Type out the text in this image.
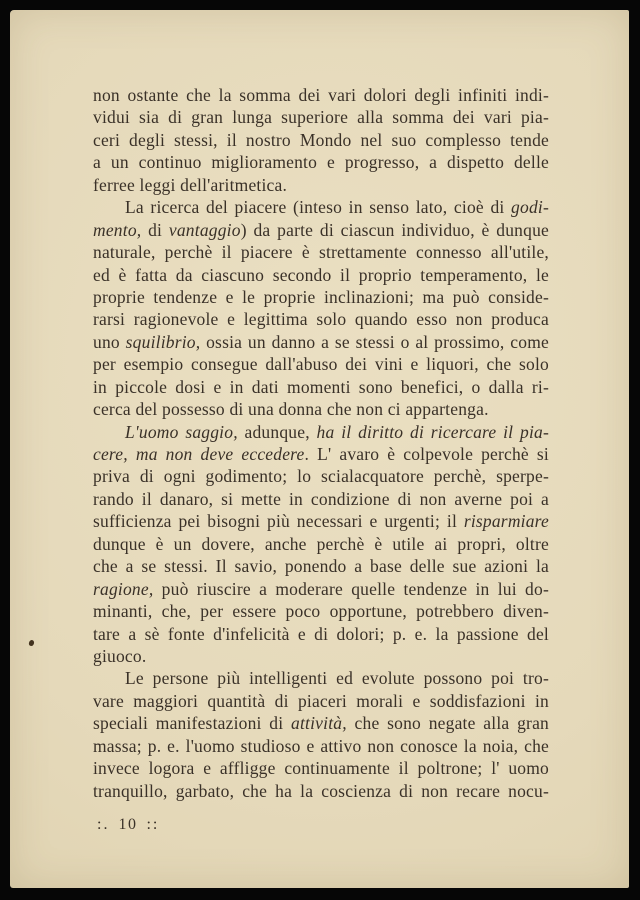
non ostante che la somma dei vari dolori degli infiniti indi-
vidui sia di gran lunga superiore alla somma dei vari pia-
ceri degli stessi, il nostro Mondo nel suo complesso tende
a un continuo miglioramento e progresso, a dispetto delle
ferree leggi dell'aritmetica.
La ricerca del piacere (inteso in senso lato, cioè di godi-
mento, di vantaggio) da parte di ciascun individuo, è dunque
naturale, perchè il piacere è strettamente connesso all'utile,
ed è fatta da ciascuno secondo il proprio temperamento, le
proprie tendenze e le proprie inclinazioni; ma può conside-
rarsi ragionevole e legittima solo quando esso non produca
uno squilibrio, ossia un danno a se stessi o al prossimo, come
per esempio consegue dall'abuso dei vini e liquori, che solo
in piccole dosi e in dati momenti sono benefici, o dalla ri-
cerca del possesso di una donna che non ci appartenga.
L'uomo saggio, adunque, ha il diritto di ricercare il pia-
cere, ma non deve eccedere. L' avaro è colpevole perchè si
priva di ogni godimento; lo scialacquatore perchè, sperpe-
rando il danaro, si mette in condizione di non averne poi a
sufficienza pei bisogni più necessari e urgenti; il risparmiare
dunque è un dovere, anche perchè è utile ai propri, oltre
che a se stessi. Il savio, ponendo a base delle sue azioni la
ragione, può riuscire a moderare quelle tendenze in lui do-
minanti, che, per essere poco opportune, potrebbero diven-
tare a sè fonte d'infelicità e di dolori; p. e. la passione del
giuoco.
Le persone più intelligenti ed evolute possono poi tro-
vare maggiori quantità di piaceri morali e soddisfazioni in
speciali manifestazioni di attività, che sono negate alla gran
massa; p. e. l'uomo studioso e attivo non conosce la noia, che
invece logora e affligge continuamente il poltrone; l' uomo
tranquillo, garbato, che ha la coscienza di non recare nocu-
:. 10 ::
